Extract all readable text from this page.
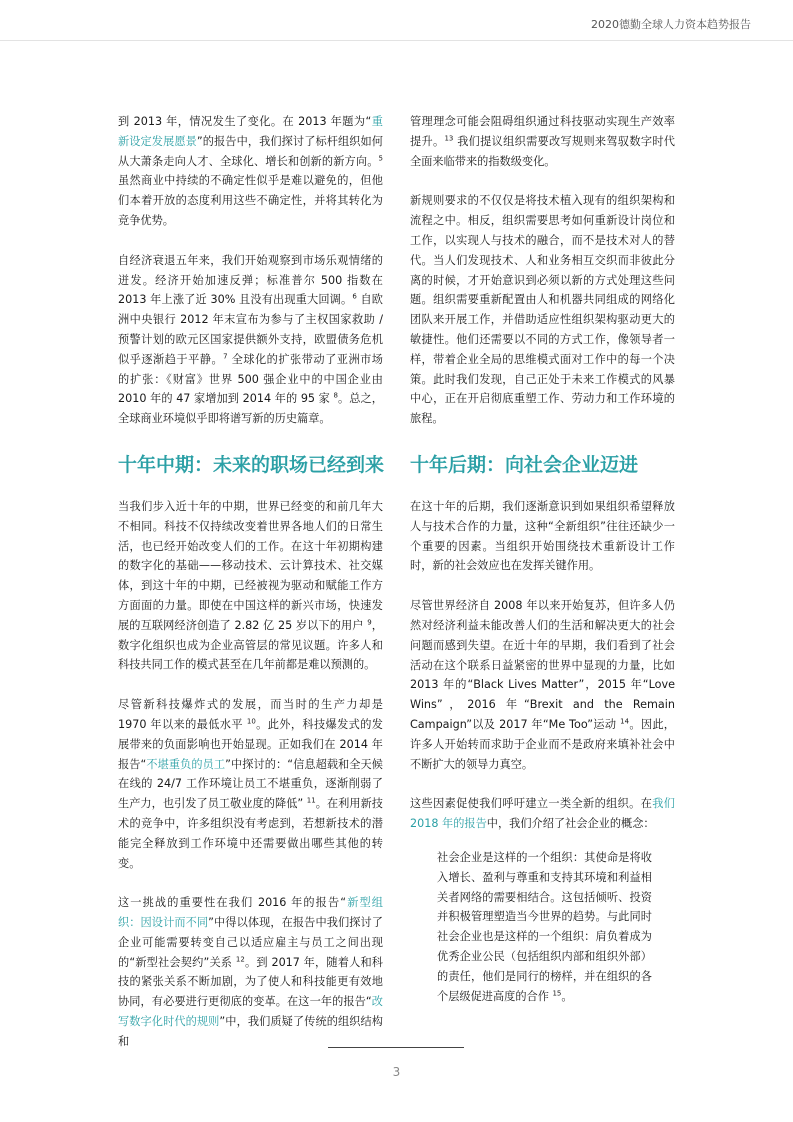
2020德勤全球人力资本趋势报告

到 2013 年，情况发生了变化。在 2013 年题为“重新设定发展愿景”的报告中，我们探讨了标杆组织如何从大萧条走向人才、全球化、增长和创新的新方向。$^5$ 虽然商业中持续的不确定性似乎是难以避免的，但他们本着开放的态度利用这些不确定性，并将其转化为竞争优势。

自经济衰退五年来，我们开始观察到市场乐观情绪的迸发。经济开始加速反弹；标准普尔 500 指数在 2013 年上涨了近 30% 且没有出现重大回调。$^6$ 自欧洲中央银行 2012 年末宣布为参与了主权国家救助 / 预警计划的欧元区国家提供额外支持，欧盟债务危机似乎逐渐趋于平静。$^7$ 全球化的扩张带动了亚洲市场的扩张：《财富》世界 500 强企业中的中国企业由 2010 年的 47 家增加到 2014 年的 95 家 $^8$。总之，全球商业环境似乎即将谱写新的历史篇章。

十年中期：未来的职场已经到来

当我们步入近十年的中期，世界已经变的和前几年大不相同。科技不仅持续改变着世界各地人们的日常生活，也已经开始改变人们的工作。在这十年初期构建的数字化的基础——移动技术、云计算技术、社交媒体，到这十年的中期，已经被视为驱动和赋能工作方方面面的力量。即使在中国这样的新兴市场，快速发展的互联网经济创造了 2.82 亿 25 岁以下的用户 $^9$，数字化组织也成为企业高管层的常见议题。许多人和科技共同工作的模式甚至在几年前都是难以预测的。

尽管新科技爆炸式的发展，而当时的生产力却是 1970 年以来的最低水平 $^{10}$。此外，科技爆发式的发展带来的负面影响也开始显现。正如我们在 2014 年报告“不堪重负的员工”中探讨的：“信息超载和全天候在线的 24/7 工作环境让员工不堪重负，逐渐削弱了生产力，也引发了员工敬业度的降低” $^{11}$。在利用新技术的竞争中，许多组织没有考虑到，若想新技术的潜能完全释放到工作环境中还需要做出哪些其他的转变。

这一挑战的重要性在我们 2016 年的报告“新型组织：因设计而不同”中得以体现，在报告中我们探讨了企业可能需要转变自己以适应雇主与员工之间出现的“新型社会契约”关系 $^{12}$。到 2017 年，随着人和科技的紧张关系不断加剧，为了使人和科技能更有效地协同，有必要进行更彻底的变革。在这一年的报告“改写数字化时代的规则”中，我们质疑了传统的组织结构和

管理理念可能会阻碍组织通过科技驱动实现生产效率提升。$^{13}$ 我们提议组织需要改写规则来驾驭数字时代全面来临带来的指数级变化。

新规则要求的不仅仅是将技术植入现有的组织架构和流程之中。相反，组织需要思考如何重新设计岗位和工作，以实现人与技术的融合，而不是技术对人的替代。当人们发现技术、人和业务相互交织而非彼此分离的时候，才开始意识到必须以新的方式处理这些问题。组织需要重新配置由人和机器共同组成的网络化团队来开展工作，并借助适应性组织架构驱动更大的敏捷性。他们还需要以不同的方式工作，像领导者一样，带着企业全局的思维模式面对工作中的每一个决策。此时我们发现，自己正处于未来工作模式的风暴中心，正在开启彻底重塑工作、劳动力和工作环境的旅程。

十年后期：向社会企业迈进

在这十年的后期，我们逐渐意识到如果组织希望释放人与技术合作的力量，这种“全新组织”往往还缺少一个重要的因素。当组织开始围绕技术重新设计工作时，新的社会效应也在发挥关键作用。

尽管世界经济自 2008 年以来开始复苏，但许多人仍然对经济利益未能改善人们的生活和解决更大的社会问题而感到失望。在近十年的早期，我们看到了社会活动在这个联系日益紧密的世界中显现的力量，比如 2013 年的“Black Lives Matter”，2015 年“Love Wins”，2016 年“Brexit and the Remain Campaign”以及 2017 年“Me Too”运动 $^{14}$。因此，许多人开始转而求助于企业而不是政府来填补社会中不断扩大的领导力真空。

这些因素促使我们呼吁建立一类全新的组织。在我们 2018 年的报告中，我们介绍了社会企业的概念：

社会企业是这样的一个组织：其使命是将收入增长、盈利与尊重和支持其环境和利益相关者网络的需要相结合。这包括倾听、投资并积极管理塑造当今世界的趋势。与此同时社会企业也是这样的一个组织：肩负着成为优秀企业公民（包括组织内部和组织外部）的责任，他们是同行的榜样，并在组织的各个层级促进高度的合作 $^{15}$。

3
